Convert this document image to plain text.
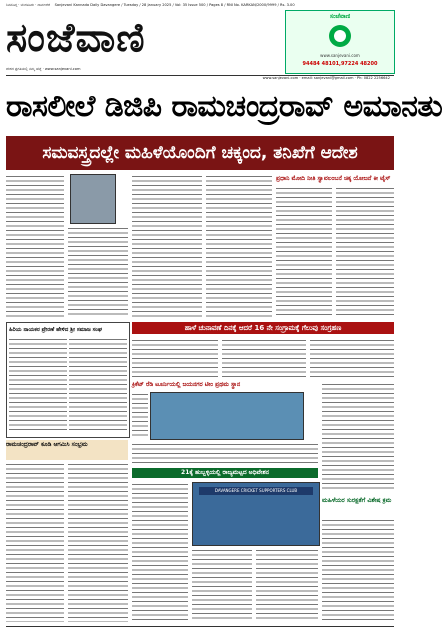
ಶಿವಮೊಗ್ಗ · ಬೆಂಗಳೂರು · ದಾವಣಗೆರೆ Sanjevani Kannada Daily Davangere / Tuesday / 28 January 2025 / Vol: 35 Issue 500 / Pages 8 / RNI No. KARKAN/2000/9999 / Rs. 3.00
ಸಂಜೆವಾಣಿ
ದೇಶದ ಪ್ರಗತಿಯಲ್ಲಿ ನಮ್ಮ ಹೆಜ್ಜೆ · www.sanjevani.com
ಸಂಜೆವಾಣಿ
www.sanjevani.com
94484 48101,97224 48200
www.sanjevani.com · email: sanjevani@gmail.com · Ph: 0822 2256642
ರಾಸಲೀಲೆ ಡಿಜಿಪಿ ರಾಮಚಂದ್ರರಾವ್ ಅಮಾನತು
ಸಮವಸ್ತ್ರದಲ್ಲೇ ಮಹಿಳೆಯೊಂದಿಗೆ ಚಕ್ಕಂದ, ತನಿಖೆಗೆ ಆದೇಶ
ಪ್ರಧಾನಿ ಮೋದಿ ನೀತಿ ಸ್ವಾವಲಂಬನೆ ಚಿಕ್ಕ ಯೋಜನೆ ಕೀ ಟೈಸ್
ಹಾಳೆ ಚುನಾವಣೆ ದಿನಕ್ಕೆ ಆದರೆ 16 ನೇ ಸಂಗ್ರಾಮಕ್ಕೆ ಗೆಲುವು ಸಂಗ್ರಹಣ
ಹಿರಿಯ ನಾಯಕರ ಪ್ರೇರಣೆ ಹೇಳಿದ ಶ್ರೀ ಸಮಾಜ ಸಂಘ
ಕ್ರಿಕೆಟ್ ರೆಡಿ ಟೂರ್ನಿಯಲ್ಲಿ ಜಯನಗರ ಟೀಂ ಪ್ರಥಮ ಸ್ಥಾನ
ರಾಮಚಂದ್ರರಾವ್ ಕೂಡಿ ಆಗಮಿಸಿ ಸಂಭ್ರಮ
21ಕ್ಕೆ ಹುಬ್ಬಳ್ಳಿಯಲ್ಲಿ ರಾಜ್ಯಮಟ್ಟದ ಅಧಿವೇಶನ
DAVANGERE CRICKET SUPPORTERS CLUB
ಮಹಿಳೆಯರ ಸುರಕ್ಷತೆಗೆ ವಿಶೇಷ ಕ್ರಮ
